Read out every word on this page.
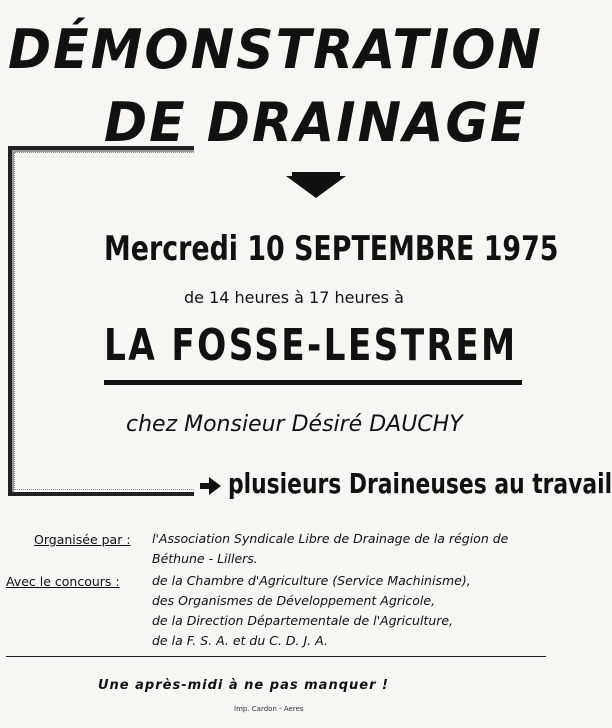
DÉMONSTRATION
DE DRAINAGE
Mercredi 10 SEPTEMBRE 1975
de 14 heures à 17 heures à
LA FOSSE-LESTREM
chez Monsieur Désiré DAUCHY
plusieurs Draineuses au travail
Organisée par : l'Association Syndicale Libre de Drainage de la région de
Béthune - Lillers.
Avec le concours :	de la Chambre d'Agriculture (Service Machinisme),
des Organismes de Développement Agricole,
de la Direction Départementale de l'Agriculture,
de la F. S. A. et du C. D. J. A.
Une après-midi à ne pas manquer !
Imp. Cardon - Aeres
